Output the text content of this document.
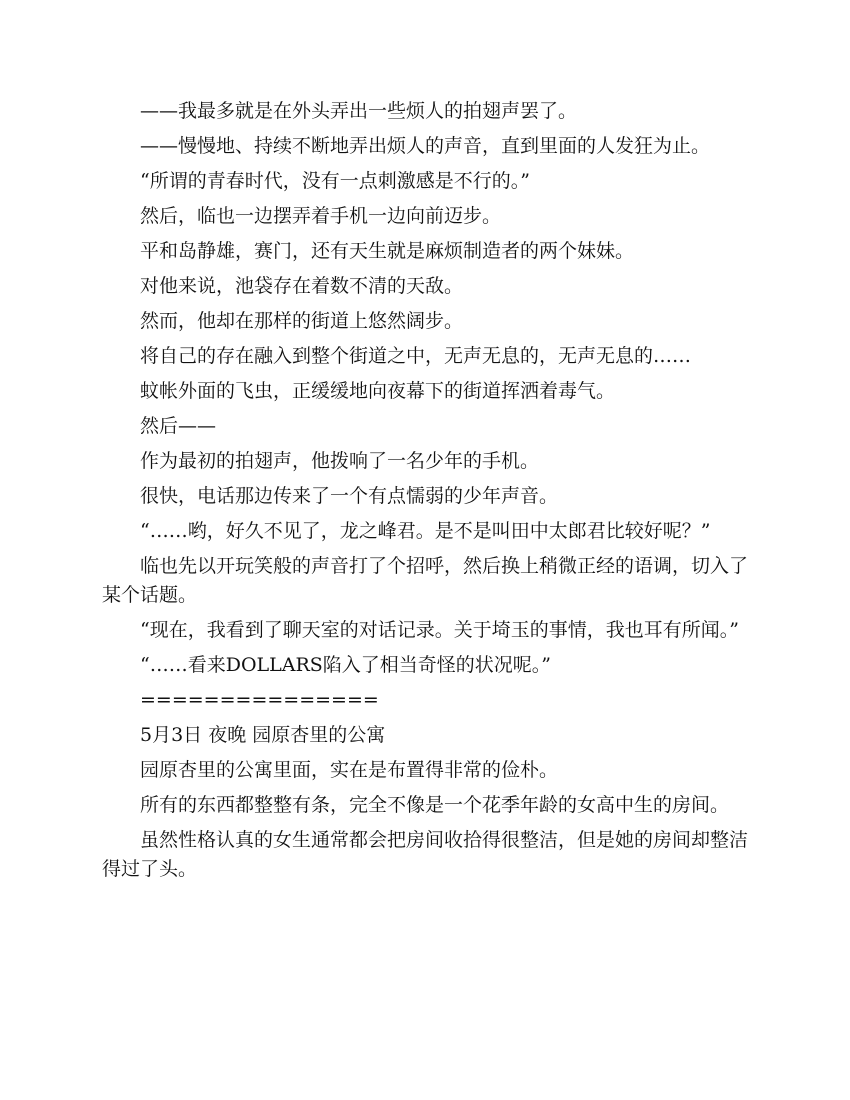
——我最多就是在外头弄出一些烦人的拍翅声罢了。

——慢慢地、持续不断地弄出烦人的声音，直到里面的人发狂为止。

“所谓的青春时代，没有一点刺激感是不行的。”

然后，临也一边摆弄着手机一边向前迈步。

平和岛静雄，赛门，还有天生就是麻烦制造者的两个妹妹。

对他来说，池袋存在着数不清的天敌。

然而，他却在那样的街道上悠然阔步。

将自己的存在融入到整个街道之中，无声无息的，无声无息的……

蚊帐外面的飞虫，正缓缓地向夜幕下的街道挥洒着毒气。

然后——

作为最初的拍翅声，他拨响了一名少年的手机。

很快，电话那边传来了一个有点懦弱的少年声音。

“……哟，好久不见了，龙之峰君。是不是叫田中太郎君比较好呢？”

临也先以开玩笑般的声音打了个招呼，然后换上稍微正经的语调，切入了某个话题。

“现在，我看到了聊天室的对话记录。关于埼玉的事情，我也耳有所闻。”

“……看来DOLLARS陷入了相当奇怪的状况呢。”

===============

5月3日 夜晚 园原杏里的公寓

园原杏里的公寓里面，实在是布置得非常的俭朴。

所有的东西都整整有条，完全不像是一个花季年龄的女高中生的房间。

虽然性格认真的女生通常都会把房间收拾得很整洁，但是她的房间却整洁得过了头。
